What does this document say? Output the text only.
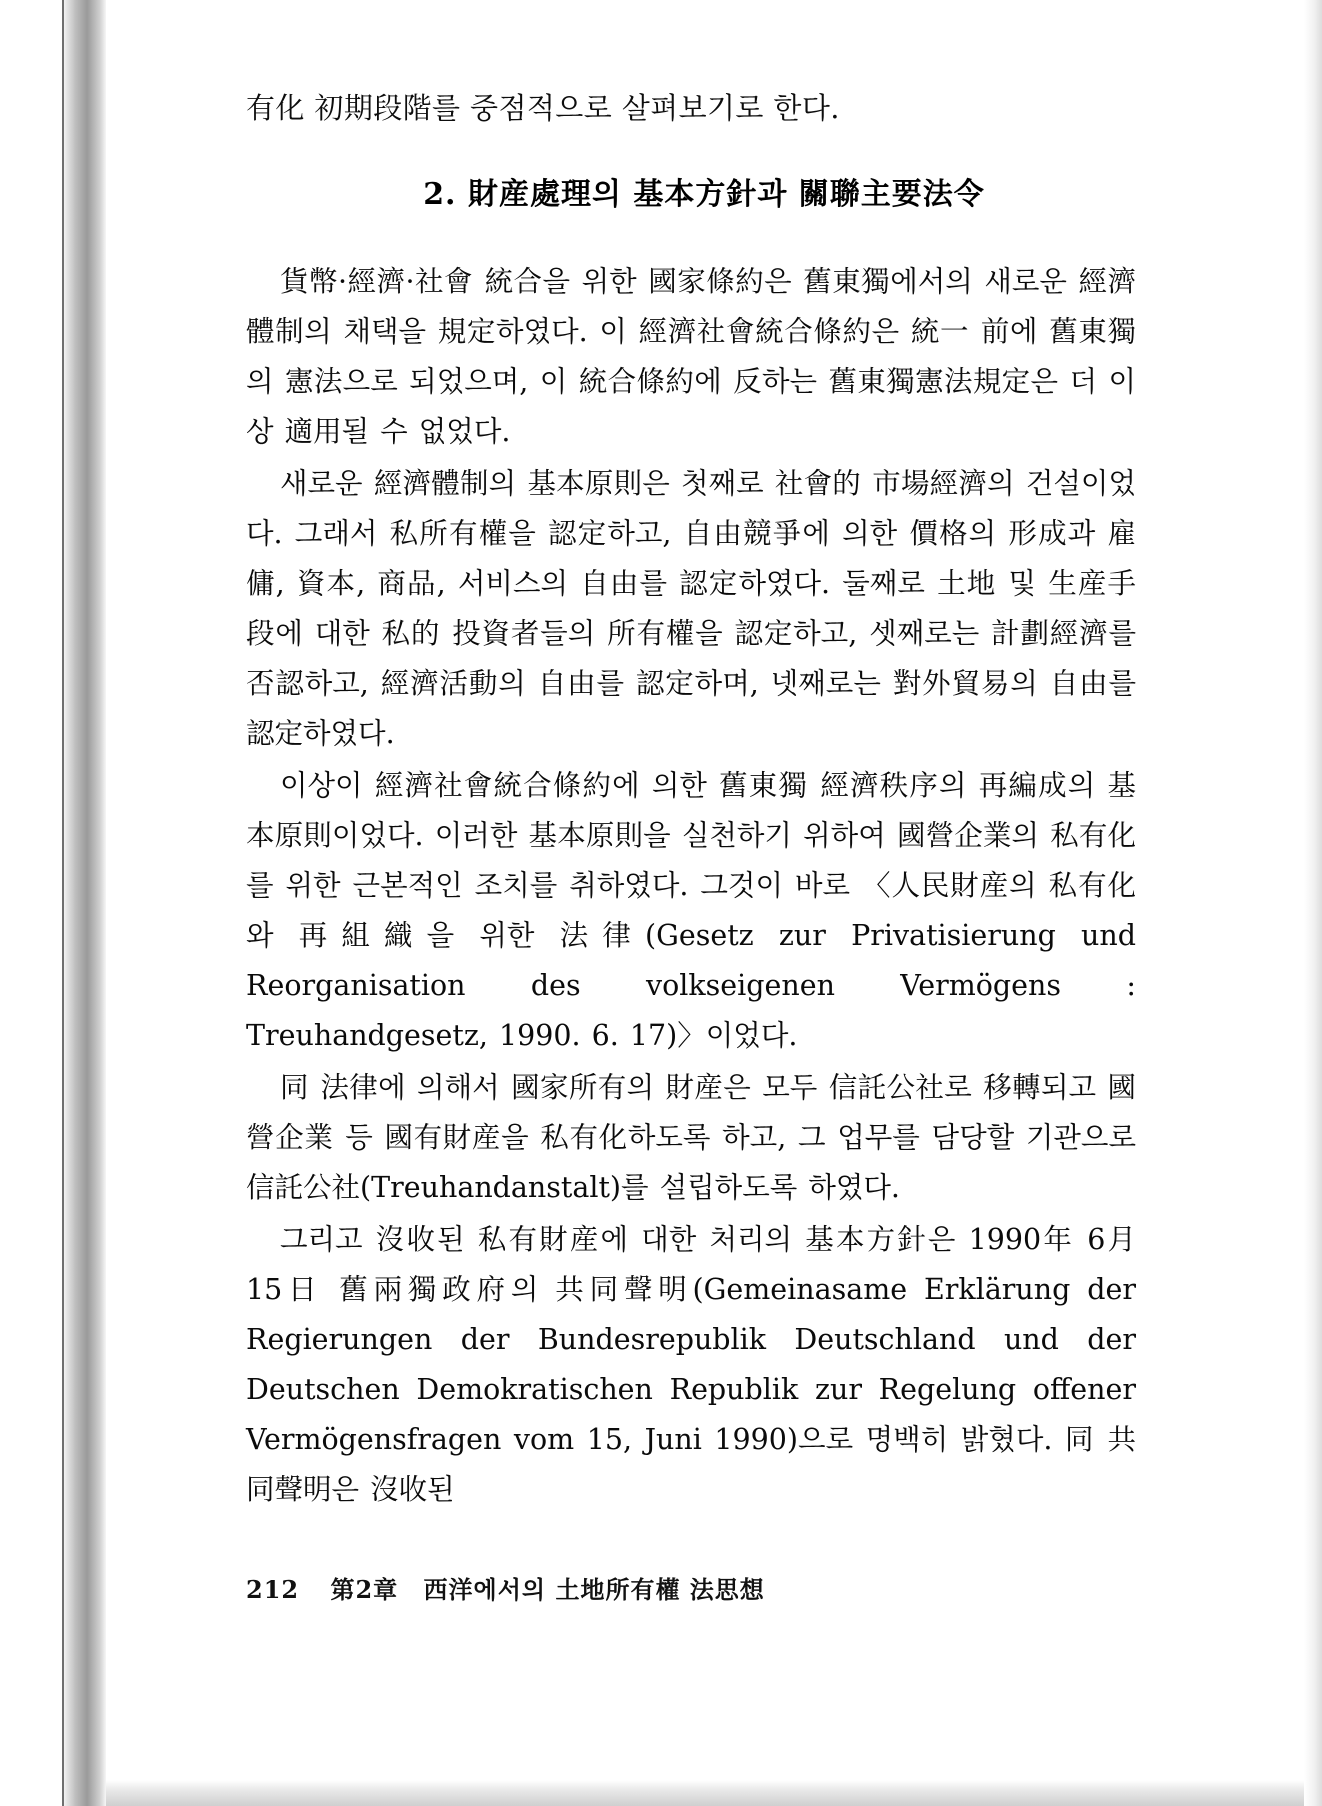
有化 初期段階를 중점적으로 살펴보기로 한다.
2. 財産處理의 基本方針과 關聯主要法令

貨幣·經濟·社會 統合을 위한 國家條約은 舊東獨에서의 새로운 經濟體制의 채택을 規定하였다. 이 經濟社會統合條約은 統一 前에 舊東獨의 憲法으로 되었으며, 이 統合條約에 反하는 舊東獨憲法規定은 더 이상 適用될 수 없었다.

새로운 經濟體制의 基本原則은 첫째로 社會的 市場經濟의 건설이었다. 그래서 私所有權을 認定하고, 自由競爭에 의한 價格의 形成과 雇傭, 資本, 商品, 서비스의 自由를 認定하였다. 둘째로 土地 및 生産手段에 대한 私的 投資者들의 所有權을 認定하고, 셋째로는 計劃經濟를 否認하고, 經濟活動의 自由를 認定하며, 넷째로는 對外貿易의 自由를 認定하였다.

이상이 經濟社會統合條約에 의한 舊東獨 經濟秩序의 再編成의 基本原則이었다. 이러한 基本原則을 실천하기 위하여 國營企業의 私有化를 위한 근본적인 조치를 취하였다. 그것이 바로 〈人民財産의 私有化와 再組織을 위한 法律(Gesetz zur Privatisierung und Reorganisation des volkseigenen Vermögens : Treuhandgesetz, 1990. 6. 17)〉이었다.

同 法律에 의해서 國家所有의 財産은 모두 信託公社로 移轉되고 國營企業 등 國有財産을 私有化하도록 하고, 그 업무를 담당할 기관으로 信託公社(Treuhandanstalt)를 설립하도록 하였다.

그리고 沒收된 私有財産에 대한 처리의 基本方針은 1990年 6月 15日 舊兩獨政府의 共同聲明(Gemeinasame Erklärung der Regierungen der Bundesrepublik Deutschland und der Deutschen Demokratischen Republik zur Regelung offener Vermögensfragen vom 15, Juni 1990)으로 명백히 밝혔다. 同 共同聲明은 沒收된

212 第2章 西洋에서의 土地所有權 法思想
